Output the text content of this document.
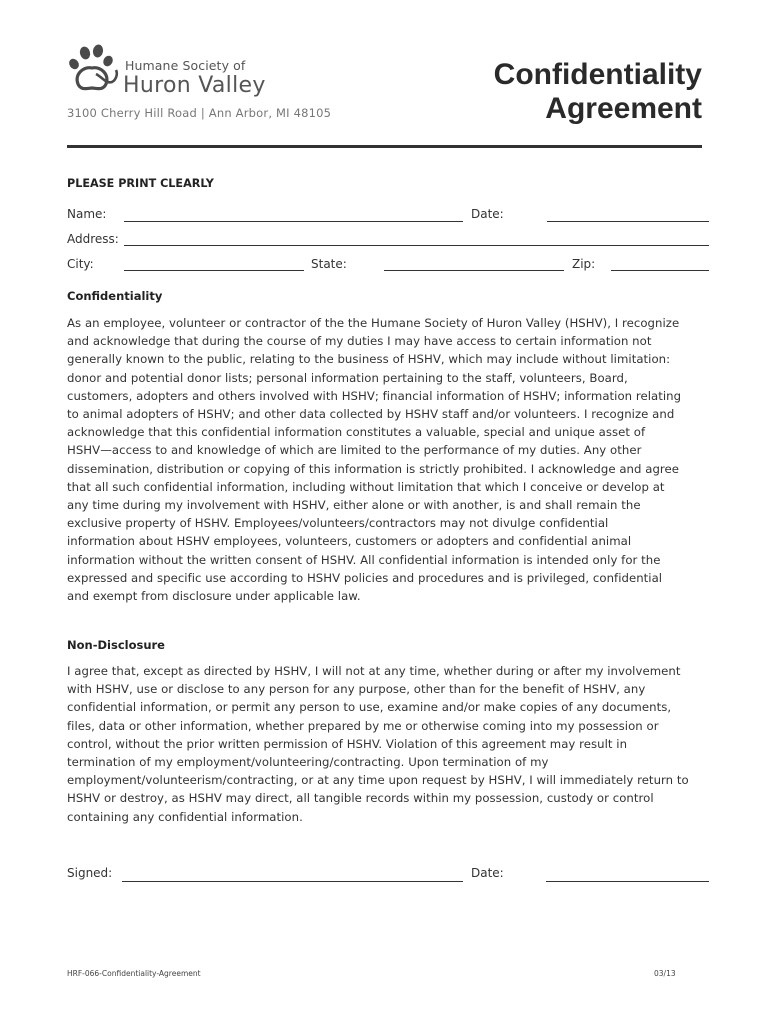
Humane Society of
Huron Valley
3100 Cherry Hill Road | Ann Arbor, MI 48105
Confidentiality
Agreement
PLEASE PRINT CLEARLY
Name:	Date:
Address:
City:	State:	Zip:
Confidentiality
As an employee, volunteer or contractor of the the Humane Society of Huron Valley (HSHV), I recognize
and acknowledge that during the course of my duties I may have access to certain information not
generally known to the public, relating to the business of HSHV, which may include without limitation:
donor and potential donor lists; personal information pertaining to the staff, volunteers, Board,
customers, adopters and others involved with HSHV; financial information of HSHV; information relating
to animal adopters of HSHV; and other data collected by HSHV staff and/or volunteers. I recognize and
acknowledge that this confidential information constitutes a valuable, special and unique asset of
HSHV—access to and knowledge of which are limited to the performance of my duties. Any other
dissemination, distribution or copying of this information is strictly prohibited. I acknowledge and agree
that all such confidential information, including without limitation that which I conceive or develop at
any time during my involvement with HSHV, either alone or with another, is and shall remain the
exclusive property of HSHV. Employees/volunteers/contractors may not divulge confidential
information about HSHV employees, volunteers, customers or adopters and confidential animal
information without the written consent of HSHV. All confidential information is intended only for the
expressed and specific use according to HSHV policies and procedures and is privileged, confidential
and exempt from disclosure under applicable law.
Non-Disclosure
I agree that, except as directed by HSHV, I will not at any time, whether during or after my involvement
with HSHV, use or disclose to any person for any purpose, other than for the benefit of HSHV, any
confidential information, or permit any person to use, examine and/or make copies of any documents,
files, data or other information, whether prepared by me or otherwise coming into my possession or
control, without the prior written permission of HSHV. Violation of this agreement may result in
termination of my employment/volunteering/contracting. Upon termination of my
employment/volunteerism/contracting, or at any time upon request by HSHV, I will immediately return to
HSHV or destroy, as HSHV may direct, all tangible records within my possession, custody or control
containing any confidential information.
Signed:	Date:
HRF-066-Confidentiality-Agreement	03/13
